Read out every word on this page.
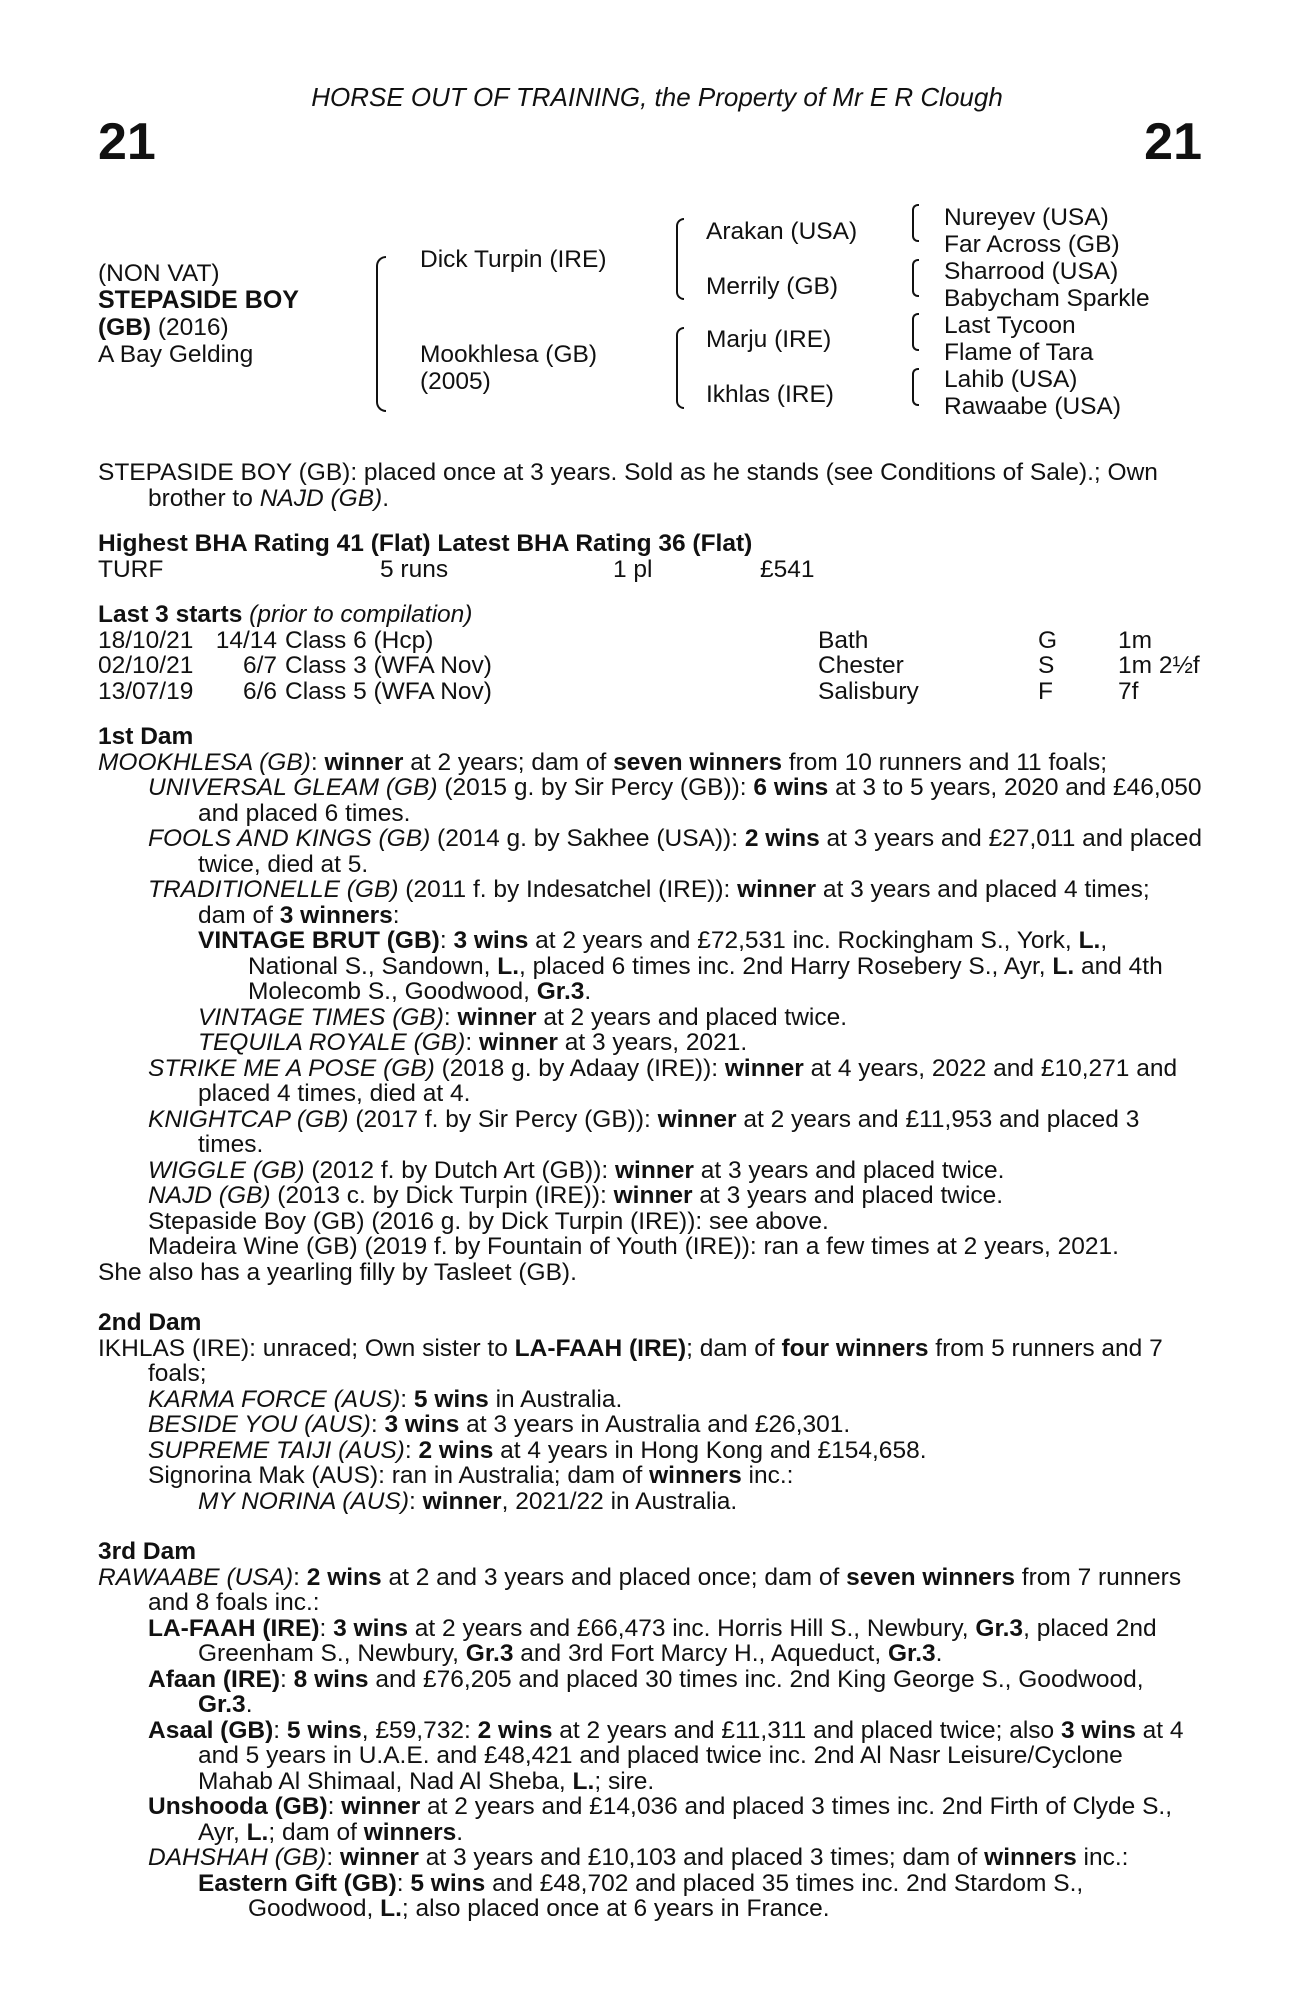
21	21
HORSE OUT OF TRAINING, the Property of Mr E R Clough
(NON VAT)
STEPASIDE BOY
(GB) (2016)
A Bay Gelding
Dick Turpin (IRE)
Mookhlesa (GB)
(2005)
Arakan (USA)
Merrily (GB)
Marju (IRE)
Ikhlas (IRE)
Nureyev (USA)
Far Across (GB)
Sharrood (USA)
Babycham Sparkle
Last Tycoon
Flame of Tara
Lahib (USA)
Rawaabe (USA)

STEPASIDE BOY (GB): placed once at 3 years. Sold as he stands (see Conditions of Sale).; Own brother to NAJD (GB).

Highest BHA Rating 41 (Flat) Latest BHA Rating 36 (Flat)

TURF	5 runs	1 pl	£541

Last 3 starts (prior to compilation)

18/10/21 14/14 Class 6 (Hcp)	Bath	G 1m
02/10/21	6/7 Class 3 (WFA Nov)	Chester	S	1m 2½f
13/07/19	6/6 Class 5 (WFA Nov)	Salisbury	F	7f

1st Dam

MOOKHLESA (GB): winner at 2 years; dam of seven winners from 10 runners and 11 foals;

UNIVERSAL GLEAM (GB) (2015 g. by Sir Percy (GB)): 6 wins at 3 to 5 years, 2020 and £46,050 and placed 6 times.

FOOLS AND KINGS (GB) (2014 g. by Sakhee (USA)): 2 wins at 3 years and £27,011 and placed twice, died at 5.

TRADITIONELLE (GB) (2011 f. by Indesatchel (IRE)): winner at 3 years and placed 4 times; dam of 3 winners:

VINTAGE BRUT (GB): 3 wins at 2 years and £72,531 inc. Rockingham S., York, L., National S., Sandown, L., placed 6 times inc. 2nd Harry Rosebery S., Ayr, L. and 4th Molecomb S., Goodwood, Gr.3.

VINTAGE TIMES (GB): winner at 2 years and placed twice.

TEQUILA ROYALE (GB): winner at 3 years, 2021.

STRIKE ME A POSE (GB) (2018 g. by Adaay (IRE)): winner at 4 years, 2022 and £10,271 and placed 4 times, died at 4.

KNIGHTCAP (GB) (2017 f. by Sir Percy (GB)): winner at 2 years and £11,953 and placed 3 times.

WIGGLE (GB) (2012 f. by Dutch Art (GB)): winner at 3 years and placed twice.

NAJD (GB) (2013 c. by Dick Turpin (IRE)): winner at 3 years and placed twice.

Stepaside Boy (GB) (2016 g. by Dick Turpin (IRE)): see above.

Madeira Wine (GB) (2019 f. by Fountain of Youth (IRE)): ran a few times at 2 years, 2021.

She also has a yearling filly by Tasleet (GB).

2nd Dam

IKHLAS (IRE): unraced; Own sister to LA-FAAH (IRE); dam of four winners from 5 runners and 7 foals;

KARMA FORCE (AUS): 5 wins in Australia.

BESIDE YOU (AUS): 3 wins at 3 years in Australia and £26,301.

SUPREME TAIJI (AUS): 2 wins at 4 years in Hong Kong and £154,658.

Signorina Mak (AUS): ran in Australia; dam of winners inc.:

MY NORINA (AUS): winner, 2021/22 in Australia.

3rd Dam

RAWAABE (USA): 2 wins at 2 and 3 years and placed once; dam of seven winners from 7 runners and 8 foals inc.:

LA-FAAH (IRE): 3 wins at 2 years and £66,473 inc. Horris Hill S., Newbury, Gr.3, placed 2nd Greenham S., Newbury, Gr.3 and 3rd Fort Marcy H., Aqueduct, Gr.3.

Afaan (IRE): 8 wins and £76,205 and placed 30 times inc. 2nd King George S., Goodwood, Gr.3.

Asaal (GB): 5 wins, £59,732: 2 wins at 2 years and £11,311 and placed twice; also 3 wins at 4 and 5 years in U.A.E. and £48,421 and placed twice inc. 2nd Al Nasr Leisure/Cyclone Mahab Al Shimaal, Nad Al Sheba, L.; sire.

Unshooda (GB): winner at 2 years and £14,036 and placed 3 times inc. 2nd Firth of Clyde S., Ayr, L.; dam of winners.

DAHSHAH (GB): winner at 3 years and £10,103 and placed 3 times; dam of winners inc.:

Eastern Gift (GB): 5 wins and £48,702 and placed 35 times inc. 2nd Stardom S., Goodwood, L.; also placed once at 6 years in France.
